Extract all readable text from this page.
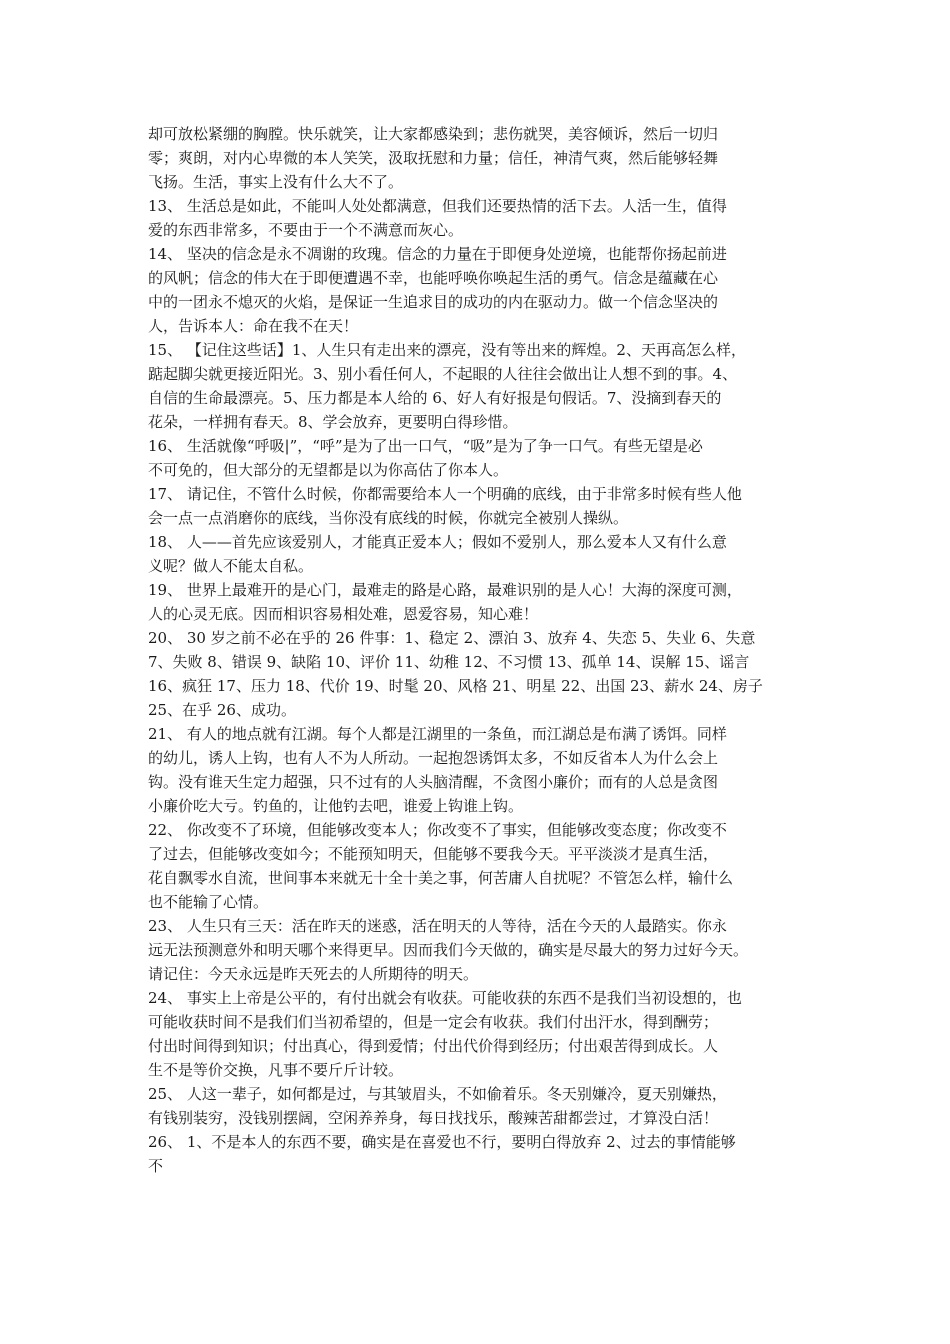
却可放松紧绷的胸膛。快乐就笑，让大家都感染到；悲伤就哭，美容倾诉，然后一切归
零；爽朗，对内心卑微的本人笑笑，汲取抚慰和力量；信任，神清气爽，然后能够轻舞
飞扬。生活，事实上没有什么大不了。
13、 生活总是如此，不能叫人处处都满意，但我们还要热情的活下去。人活一生，值得
爱的东西非常多，不要由于一个不满意而灰心。
14、 坚决的信念是永不凋谢的玫瑰。信念的力量在于即便身处逆境，也能帮你扬起前进
的风帆；信念的伟大在于即便遭遇不幸，也能呼唤你唤起生活的勇气。信念是蕴藏在心
中的一团永不熄灭的火焰，是保证一生追求目的成功的内在驱动力。做一个信念坚决的
人，告诉本人：命在我不在天！
15、 【记住这些话】1、人生只有走出来的漂亮，没有等出来的辉煌。2、天再高怎么样，
踮起脚尖就更接近阳光。3、别小看任何人，不起眼的人往往会做出让人想不到的事。4、
自信的生命最漂亮。5、压力都是本人给的 6、好人有好报是句假话。7、没摘到春天的
花朵，一样拥有春天。8、学会放弃，更要明白得珍惜。
16、 生活就像“呼吸|”，“呼”是为了出一口气，“吸”是为了争一口气。有些无望是必
不可免的，但大部分的无望都是以为你高估了你本人。
17、 请记住，不管什么时候，你都需要给本人一个明确的底线，由于非常多时候有些人他
会一点一点消磨你的底线，当你没有底线的时候，你就完全被别人操纵。
18、 人——首先应该爱别人，才能真正爱本人；假如不爱别人，那么爱本人又有什么意
义呢？做人不能太自私。
19、 世界上最难开的是心门，最难走的路是心路，最难识别的是人心！大海的深度可测，
人的心灵无底。因而相识容易相处难，恩爱容易，知心难！
20、 30 岁之前不必在乎的 26 件事：1、稳定 2、漂泊 3、放弃 4、失恋 5、失业 6、失意
7、失败 8、错误 9、缺陷 10、评价 11、幼稚 12、不习惯 13、孤单 14、误解 15、谣言
16、疯狂 17、压力 18、代价 19、时髦 20、风格 21、明星 22、出国 23、薪水 24、房子
25、在乎 26、成功。
21、 有人的地点就有江湖。每个人都是江湖里的一条鱼，而江湖总是布满了诱饵。同样
的幼儿，诱人上钩，也有人不为人所动。一起抱怨诱饵太多，不如反省本人为什么会上
钩。没有谁天生定力超强，只不过有的人头脑清醒，不贪图小廉价；而有的人总是贪图
小廉价吃大亏。钓鱼的，让他钓去吧，谁爱上钩谁上钩。
22、 你改变不了环境，但能够改变本人；你改变不了事实，但能够改变态度；你改变不
了过去，但能够改变如今；不能预知明天，但能够不要我今天。平平淡淡才是真生活，
花自飘零水自流，世间事本来就无十全十美之事，何苦庸人自扰呢？不管怎么样，输什么
也不能输了心情。
23、 人生只有三天：活在昨天的迷惑，活在明天的人等待，活在今天的人最踏实。你永
远无法预测意外和明天哪个来得更早。因而我们今天做的，确实是尽最大的努力过好今天。
请记住：今天永远是昨天死去的人所期待的明天。
24、 事实上上帝是公平的，有付出就会有收获。可能收获的东西不是我们当初设想的，也
可能收获时间不是我们们当初希望的，但是一定会有收获。我们付出汗水，得到酬劳；
付出时间得到知识；付出真心，得到爱情；付出代价得到经历；付出艰苦得到成长。人
生不是等价交换，凡事不要斤斤计较。
25、 人这一辈子，如何都是过，与其皱眉头，不如偷着乐。冬天别嫌冷，夏天别嫌热，
有钱别装穷，没钱别摆阔，空闲养养身，每日找找乐，酸辣苦甜都尝过，才算没白活！
26、 1、不是本人的东西不要，确实是在喜爱也不行，要明白得放弃 2、过去的事情能够
不
